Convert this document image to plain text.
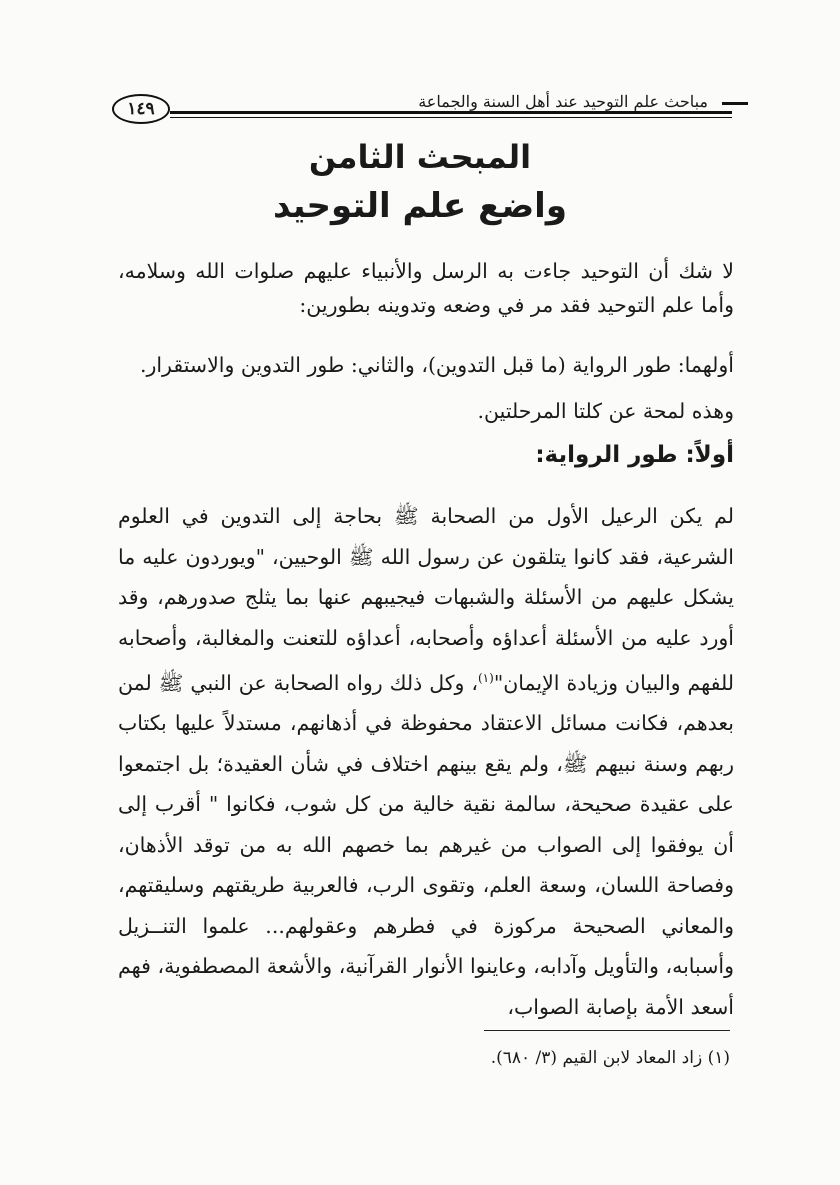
١٤٩	مباحث علم التوحيد عند أهل السنة والجماعة
المبحث الثامن
واضع علم التوحيد
لا شك أن التوحيد جاءت به الرسل والأنبياء عليهم صلوات الله وسلامه، وأما علم التوحيد فقد مر في وضعه وتدوينه بطورين:
أولهما: طور الرواية (ما قبل التدوين)، والثاني: طور التدوين والاستقرار.
وهذه لمحة عن كلتا المرحلتين.
أولاً: طور الرواية:
لم يكن الرعيل الأول من الصحابة ﷺ بحاجة إلى التدوين في العلوم الشرعية، فقد كانوا يتلقون عن رسول الله ﷺ الوحيين، "ويوردون عليه ما يشكل عليهم من الأسئلة والشبهات فيجيبهم عنها بما يثلج صدورهم، وقد أورد عليه من الأسئلة أعداؤه وأصحابه، أعداؤه للتعنت والمغالبة، وأصحابه للفهم والبيان وزيادة الإيمان"$^{(١)}$، وكل ذلك رواه الصحابة عن النبي ﷺ لمن بعدهم، فكانت مسائل الاعتقاد محفوظة في أذهانهم، مستدلاً عليها بكتاب ربهم وسنة نبيهم ﷺ، ولم يقع بينهم اختلاف في شأن العقيدة؛ بل اجتمعوا على عقيدة صحيحة، سالمة نقية خالية من كل شوب، فكانوا " أقرب إلى أن يوفقوا إلى الصواب من غيرهم بما خصهم الله به من توقد الأذهان، وفصاحة اللسان، وسعة العلم، وتقوى الرب، فالعربية طريقتهم وسليقتهم، والمعاني الصحيحة مركوزة في فطرهم وعقولهم... علموا التنــزيل وأسبابه، والتأويل وآدابه، وعاينوا الأنوار القرآنية، والأشعة المصطفوية، فهم أسعد الأمة بإصابة الصواب،
(١) زاد المعاد لابن القيم (٣/ ٦٨٠).
